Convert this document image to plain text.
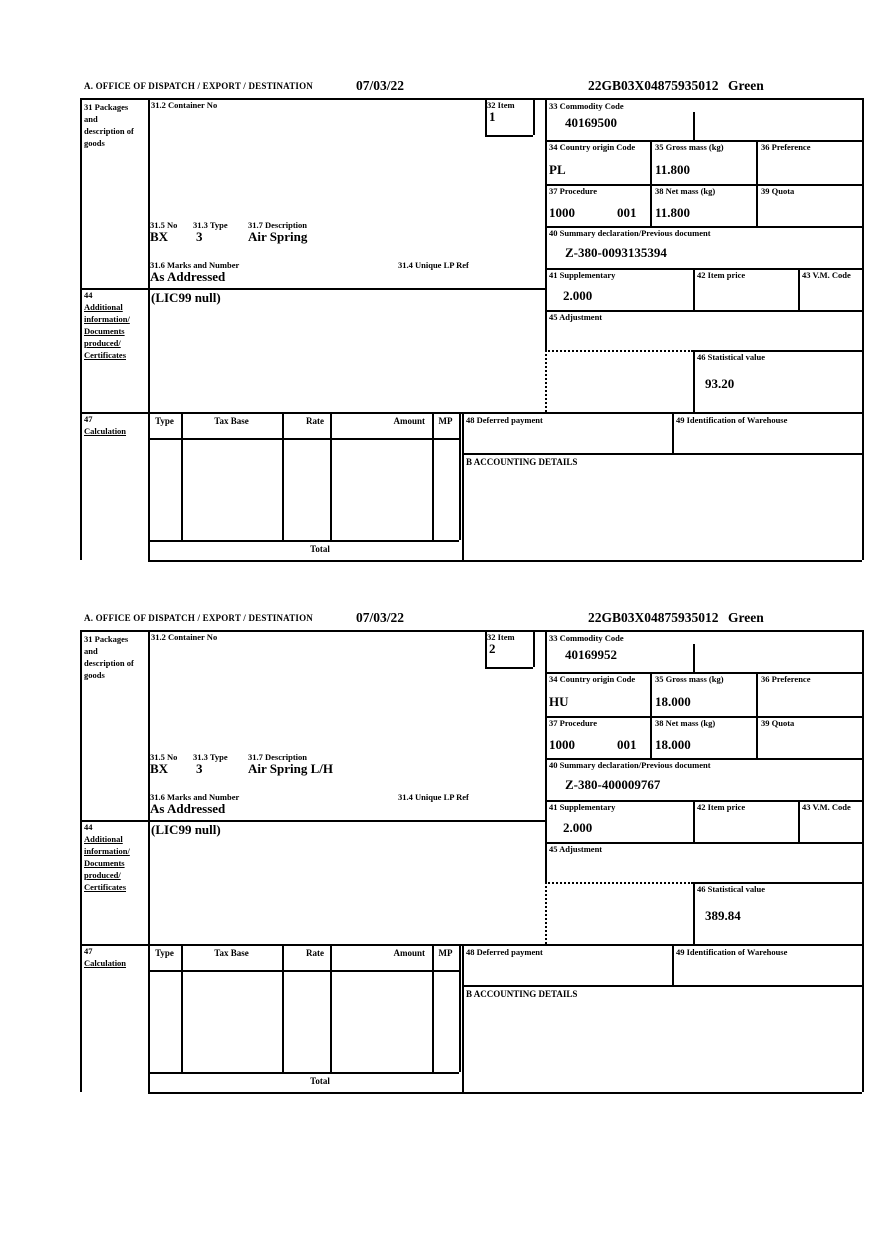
A. OFFICE OF DISPATCH / EXPORT / DESTINATION	07/03/22	22GB03X04875935012 Green
31 Packages and description of goods
31.2 Container No	32 Item
1
31.5 No 31.3 Type 31.7 Description
BX 3	Air Spring
31.6 Marks and Number	31.4 Unique LP Ref
As Addressed
33 Commodity Code
40169500
34 Country origin Code
PL
35 Gross mass (kg)
11.800
36 Preference
37 Procedure
1000	001
38 Net mass (kg)
11.800
39 Quota
40 Summary declaration/Previous document
Z-380-0093135394
41 Supplementary
2.000
42 Item price	43 V.M. Code
45 Adjustment
46 Statistical value
93.20
44
Additional information/ Documents produced/ Certificates
(LIC99 null)
47
Calculation
Type	Tax Base	Rate	Amount	MP
Total
48 Deferred payment	49 Identification of Warehouse
B ACCOUNTING DETAILS
A. OFFICE OF DISPATCH / EXPORT / DESTINATION	07/03/22	22GB03X04875935012 Green
31 Packages and description of goods
31.2 Container No	32 Item
2
31.5 No 31.3 Type 31.7 Description
BX 3	Air Spring L/H
31.6 Marks and Number	31.4 Unique LP Ref
As Addressed
33 Commodity Code
40169952
34 Country origin Code
HU
35 Gross mass (kg)
18.000
36 Preference
37 Procedure
1000	001
38 Net mass (kg)
18.000
39 Quota
40 Summary declaration/Previous document
Z-380-400009767
41 Supplementary
2.000
42 Item price	43 V.M. Code
45 Adjustment
46 Statistical value
389.84
44
Additional information/ Documents produced/ Certificates
(LIC99 null)
47
Calculation
Type	Tax Base	Rate	Amount	MP
Total
48 Deferred payment	49 Identification of Warehouse
B ACCOUNTING DETAILS
